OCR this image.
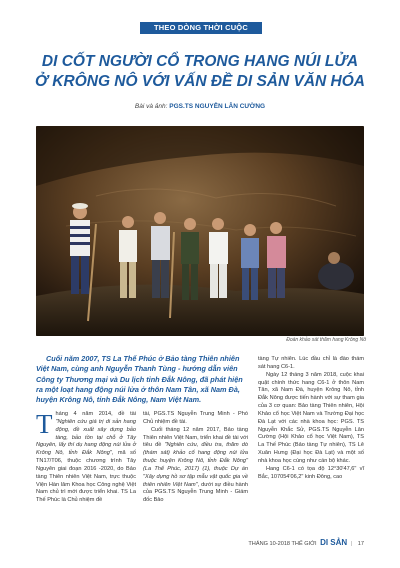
THEO DÒNG THỜI CUỘC
DI CỐT NGƯỜI CỔ TRONG HANG NÚI LỬA
Ở KRÔNG NÔ VỚI VẤN ĐỀ DI SẢN VĂN HÓA
Bài và ảnh: PGS.TS NGUYỄN LÂN CƯỜNG
Đoàn khảo sát thăm hang Krông Nô

Cuối năm 2007, TS La Thế Phúc ở Bảo tàng Thiên nhiên Việt Nam, cùng anh Nguyễn Thanh Tùng - hướng dẫn viên Công ty Thương mại và Du lịch tỉnh Đắk Nông, đã phát hiện ra một loạt hang động núi lửa ở thôn Nam Tân, xã Nam Đà, huyện Krông Nô, tỉnh Đắk Nông, Nam Việt Nam.

Tháng 4 năm 2014, đề tài "Nghiên cứu giá trị di sản hang động, đề xuất xây dựng bảo tàng, bảo tồn tại chỗ ở Tây Nguyên, lấy thí dụ hang động núi lửa ở Krông Nô, tỉnh Đắk Nông", mã số TN17/T06, thuộc chương trình Tây Nguyên giai đoạn 2016 -2020, do Bảo tàng Thiên nhiên Việt Nam, trực thuộc Viện Hàn lâm Khoa học Công nghệ Việt Nam chủ trì mới được triển khai. TS La Thế Phúc là Chủ nhiệm đề

tài, PGS.TS Nguyễn Trung Minh - Phó Chủ nhiệm đề tài.

Cuối tháng 12 năm 2017, Bảo tàng Thiên nhiên Việt Nam, triển khai đề tài với tiêu đề "Nghiên cứu, điều tra, thăm dò (thám sát) khảo cổ hang động núi lửa thuộc huyện Krông Nô, tỉnh Đắk Nông" (La Thế Phúc, 2017) (1), thuộc Dự án "Xây dựng hồ sơ tập mẫu vật quốc gia về thiên nhiên Việt Nam", dưới sự điều hành của PGS.TS Nguyễn Trung Minh - Giám đốc Bảo

tàng Tự nhiên. Lúc đầu chỉ là đào thám sát hang C6-1.

Ngày 12 tháng 3 năm 2018, cuộc khai quật chính thức hang C6-1 ở thôn Nam Tân, xã Nam Đà, huyện Krông Nô, tỉnh Đắk Nông được tiến hành với sự tham gia của 3 cơ quan: Bảo tàng Thiên nhiên, Hội Khảo cổ học Việt Nam và Trường Đại học Đà Lạt với các nhà khoa học: PGS. TS Nguyễn Khắc Sử, PGS.TS Nguyễn Lân Cường (Hội Khảo cổ học Việt Nam), TS La Thế Phúc (Bảo tàng Tự nhiên), TS Lê Xuân Hưng (Đại học Đà Lạt) và một số nhà khoa học cùng như cán bộ khác.

Hang C6-1 có tọa độ 12°30'47,6" vĩ Bắc, 107054'06,2" kinh Đông, cao

THÁNG 10-2018 THẾ GIỚI DI SẢN | 17
